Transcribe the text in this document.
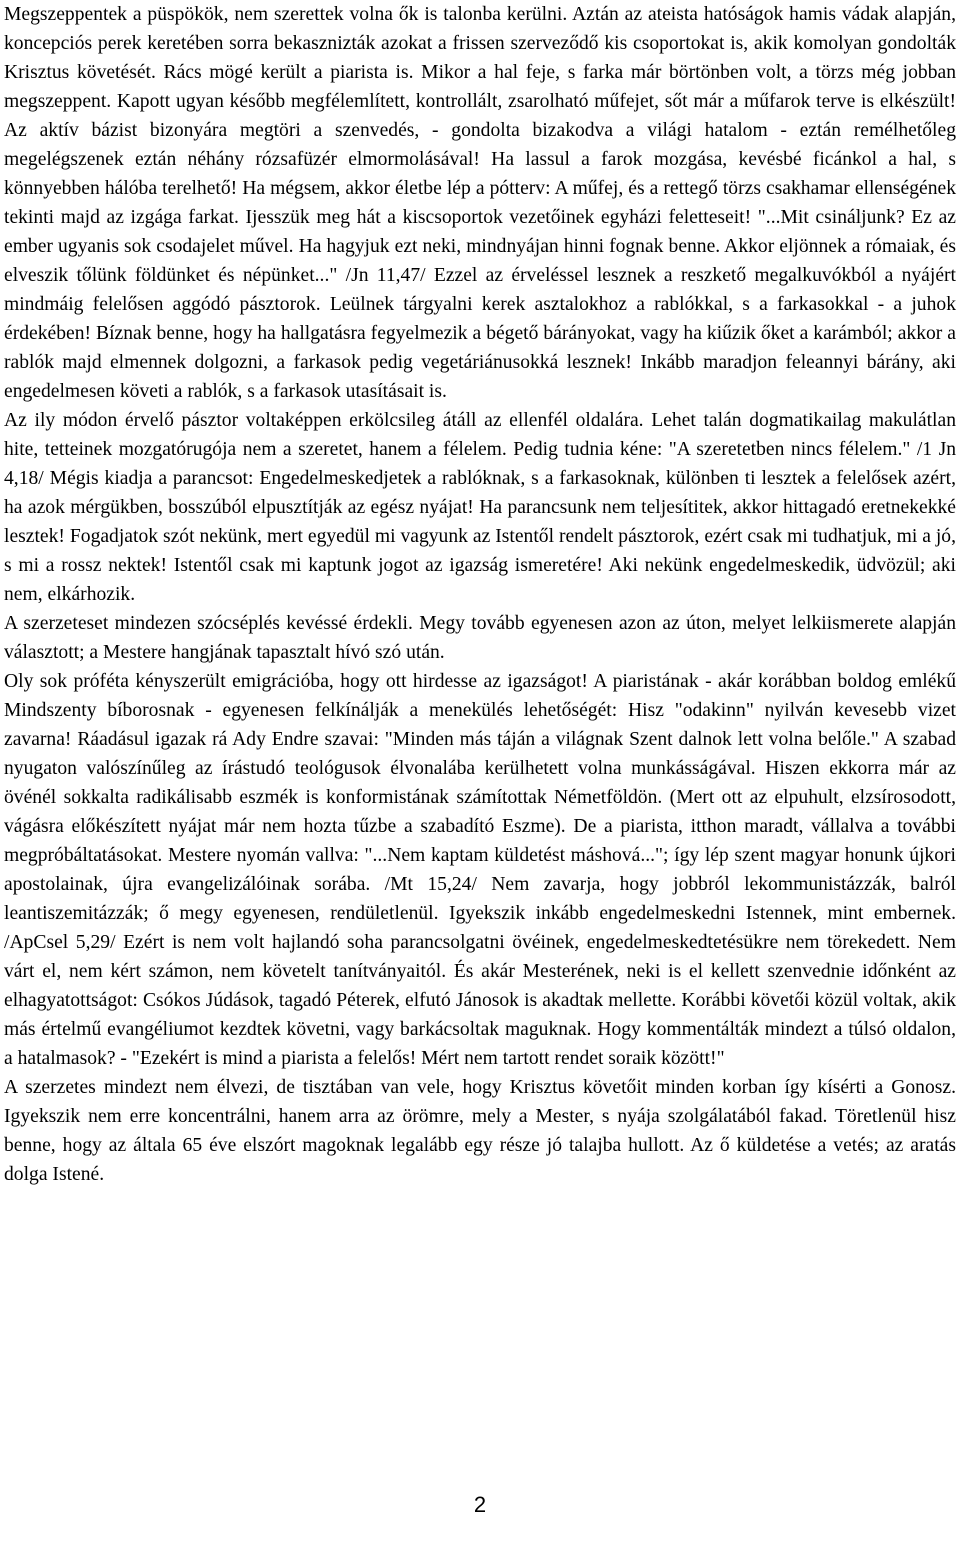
Megszeppentek a püspökök, nem szerettek volna ők is talonba kerülni. Aztán az ateista hatóságok hamis vádak alapján, koncepciós perek keretében sorra bekasznizták azokat a frissen szerveződő kis csoportokat is, akik komolyan gondolták Krisztus követését. Rács mögé került a piarista is. Mikor a hal feje, s farka már börtönben volt, a törzs még jobban megszeppent. Kapott ugyan később megfélemlített, kontrollált, zsarolható műfejet, sőt már a műfarok terve is elkészült! Az aktív bázist bizonyára megtöri a szenvedés, - gondolta bizakodva a világi hatalom - eztán remélhetőleg megelégszenek eztán néhány rózsafüzér elmormolásával! Ha lassul a farok mozgása, kevésbé ficánkol a hal, s könnyebben hálóba terelhető! Ha mégsem, akkor életbe lép a pótterv: A műfej, és a rettegő törzs csakhamar ellenségének tekinti majd az izgága farkat. Ijesszük meg hát a kiscsoportok vezetőinek egyházi feletteseit! "...Mit csináljunk? Ez az ember ugyanis sok csodajelet művel. Ha hagyjuk ezt neki, mindnyájan hinni fognak benne. Akkor eljönnek a rómaiak, és elveszik tőlünk földünket és népünket..." /Jn 11,47/ Ezzel az érveléssel lesznek a reszkető megalkuvókból a nyájért mindmáig felelősen aggódó pásztorok. Leülnek tárgyalni kerek asztalokhoz a rablókkal, s a farkasokkal - a juhok érdekében! Bíznak benne, hogy ha hallgatásra fegyelmezik a bégető bárányokat, vagy ha kiűzik őket a karámból; akkor a rablók majd elmennek dolgozni, a farkasok pedig vegetáriánusokká lesznek! Inkább maradjon feleannyi bárány, aki engedelmesen követi a rablók, s a farkasok utasításait is.

Az ily módon érvelő pásztor voltaképpen erkölcsileg átáll az ellenfél oldalára. Lehet talán dogmatikailag makulátlan hite, tetteinek mozgatórugója nem a szeretet, hanem a félelem. Pedig tudnia kéne: "A szeretetben nincs félelem." /1 Jn 4,18/ Mégis kiadja a parancsot: Engedelmeskedjetek a rablóknak, s a farkasoknak, különben ti lesztek a felelősek azért, ha azok mérgükben, bosszúból elpusztítják az egész nyájat! Ha parancsunk nem teljesítitek, akkor hittagadó eretnekekké lesztek! Fogadjatok szót nekünk, mert egyedül mi vagyunk az Istentől rendelt pásztorok, ezért csak mi tudhatjuk, mi a jó, s mi a rossz nektek! Istentől csak mi kaptunk jogot az igazság ismeretére! Aki nekünk engedelmeskedik, üdvözül; aki nem, elkárhozik.

A szerzeteset mindezen szócséplés kevéssé érdekli. Megy tovább egyenesen azon az úton, melyet lelkiismerete alapján választott; a Mestere hangjának tapasztalt hívó szó után.

Oly sok próféta kényszerült emigrációba, hogy ott hirdesse az igazságot! A piaristának - akár korábban boldog emlékű Mindszenty bíborosnak - egyenesen felkínálják a menekülés lehetőségét: Hisz "odakinn" nyilván kevesebb vizet zavarna! Ráadásul igazak rá Ady Endre szavai: "Minden más táján a világnak Szent dalnok lett volna belőle." A szabad nyugaton valószínűleg az írástudó teológusok élvonalába kerülhetett volna munkásságával. Hiszen ekkorra már az övénél sokkalta radikálisabb eszmék is konformistának számítottak Németföldön. (Mert ott az elpuhult, elzsírosodott, vágásra előkészített nyájat már nem hozta tűzbe a szabadító Eszme). De a piarista, itthon maradt, vállalva a további megpróbáltatásokat. Mestere nyomán vallva: "...Nem kaptam küldetést máshová..."; így lép szent magyar honunk újkori apostolainak, újra evangelizálóinak sorába. /Mt 15,24/ Nem zavarja, hogy jobbról lekommunistázzák, balról leantiszemitázzák; ő megy egyenesen, rendületlenül. Igyekszik inkább engedelmeskedni Istennek, mint embernek. /ApCsel 5,29/ Ezért is nem volt hajlandó soha parancsolgatni övéinek, engedelmeskedtetésükre nem törekedett. Nem várt el, nem kért számon, nem követelt tanítványaitól. És akár Mesterének, neki is el kellett szenvednie időnként az elhagyatottságot: Csókos Júdások, tagadó Péterek, elfutó Jánosok is akadtak mellette. Korábbi követői közül voltak, akik más értelmű evangéliumot kezdtek követni, vagy barkácsoltak maguknak. Hogy kommentálták mindezt a túlsó oldalon, a hatalmasok? - "Ezekért is mind a piarista a felelős! Mért nem tartott rendet soraik között!"

A szerzetes mindezt nem élvezi, de tisztában van vele, hogy Krisztus követőit minden korban így kísérti a Gonosz. Igyekszik nem erre koncentrálni, hanem arra az örömre, mely a Mester, s nyája szolgálatából fakad. Töretlenül hisz benne, hogy az általa 65 éve elszórt magoknak legalább egy része jó talajba hullott. Az ő küldetése a vetés; az aratás dolga Istené.

2
